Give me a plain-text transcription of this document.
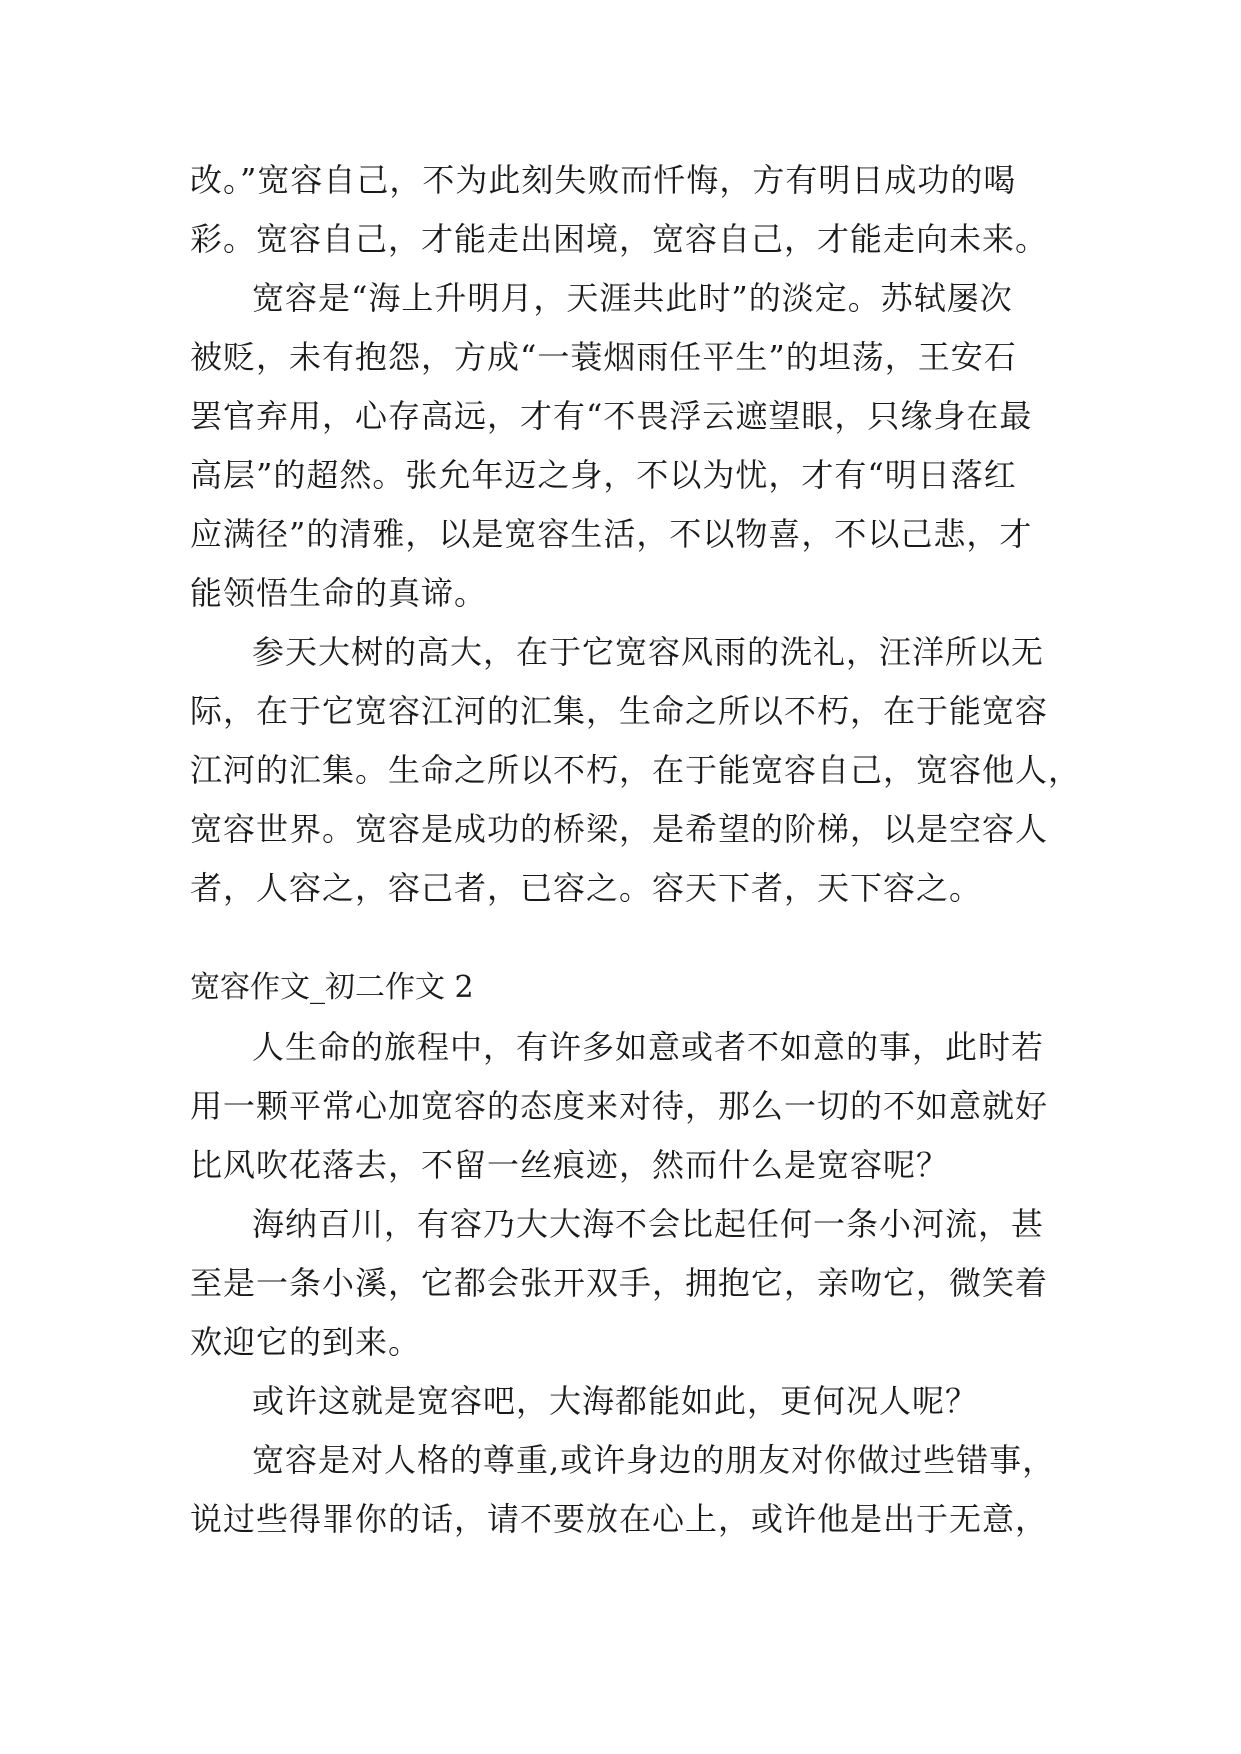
改。”宽容自己，不为此刻失败而忏悔，方有明日成功的喝
彩。宽容自己，才能走出困境，宽容自己，才能走向未来。
宽容是“海上升明月，天涯共此时”的淡定。苏轼屡次
被贬，未有抱怨，方成“一蓑烟雨任平生”的坦荡，王安石
罢官弃用，心存高远，才有“不畏浮云遮望眼，只缘身在最
高层”的超然。张允年迈之身，不以为忧，才有“明日落红
应满径”的清雅，以是宽容生活，不以物喜，不以己悲，才
能领悟生命的真谛。
参天大树的高大，在于它宽容风雨的洗礼，汪洋所以无
际，在于它宽容江河的汇集，生命之所以不朽，在于能宽容
江河的汇集。生命之所以不朽，在于能宽容自己，宽容他人，
宽容世界。宽容是成功的桥梁，是希望的阶梯，以是空容人
者，人容之，容己者，已容之。容天下者，天下容之。
宽容作文_初二作文 2
人生命的旅程中，有许多如意或者不如意的事，此时若
用一颗平常心加宽容的态度来对待，那么一切的不如意就好
比风吹花落去，不留一丝痕迹，然而什么是宽容呢？
海纳百川，有容乃大大海不会比起任何一条小河流，甚
至是一条小溪，它都会张开双手，拥抱它，亲吻它，微笑着
欢迎它的到来。
或许这就是宽容吧，大海都能如此，更何况人呢？
宽容是对人格的尊重,或许身边的朋友对你做过些错事，
说过些得罪你的话，请不要放在心上，或许他是出于无意，
